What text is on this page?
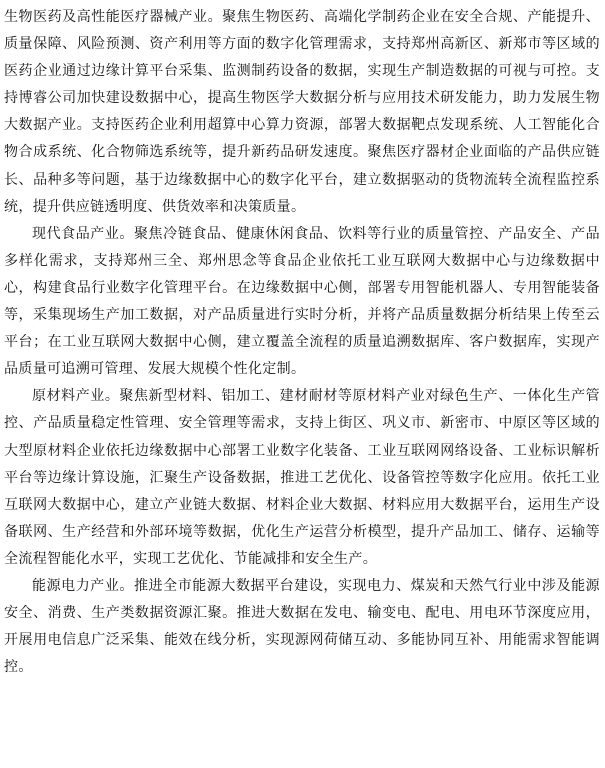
生物医药及高性能医疗器械产业。聚焦生物医药、高端化学制药企业在安全合规、产能提升、质量保障、风险预测、资产利用等方面的数字化管理需求，支持郑州高新区、新郑市等区域的医药企业通过边缘计算平台采集、监测制药设备的数据，实现生产制造数据的可视与可控。支持博睿公司加快建设数据中心，提高生物医学大数据分析与应用技术研发能力，助力发展生物大数据产业。支持医药企业利用超算中心算力资源，部署大数据靶点发现系统、人工智能化合物合成系统、化合物筛选系统等，提升新药品研发速度。聚焦医疗器材企业面临的产品供应链长、品种多等问题，基于边缘数据中心的数字化平台，建立数据驱动的货物流转全流程监控系统，提升供应链透明度、供货效率和决策质量。

现代食品产业。聚焦冷链食品、健康休闲食品、饮料等行业的质量管控、产品安全、产品多样化需求，支持郑州三全、郑州思念等食品企业依托工业互联网大数据中心与边缘数据中心，构建食品行业数字化管理平台。在边缘数据中心侧，部署专用智能机器人、专用智能装备等，采集现场生产加工数据，对产品质量进行实时分析，并将产品质量数据分析结果上传至云平台；在工业互联网大数据中心侧，建立覆盖全流程的质量追溯数据库、客户数据库，实现产品质量可追溯可管理、发展大规模个性化定制。

原材料产业。聚焦新型材料、铝加工、建材耐材等原材料产业对绿色生产、一体化生产管控、产品质量稳定性管理、安全管理等需求，支持上街区、巩义市、新密市、中原区等区域的大型原材料企业依托边缘数据中心部署工业数字化装备、工业互联网网络设备、工业标识解析平台等边缘计算设施，汇聚生产设备数据，推进工艺优化、设备管控等数字化应用。依托工业互联网大数据中心，建立产业链大数据、材料企业大数据、材料应用大数据平台，运用生产设备联网、生产经营和外部环境等数据，优化生产运营分析模型，提升产品加工、储存、运输等全流程智能化水平，实现工艺优化、节能减排和安全生产。

能源电力产业。推进全市能源大数据平台建设，实现电力、煤炭和天然气行业中涉及能源安全、消费、生产类数据资源汇聚。推进大数据在发电、输变电、配电、用电环节深度应用，开展用电信息广泛采集、能效在线分析，实现源网荷储互动、多能协同互补、用能需求智能调控。
